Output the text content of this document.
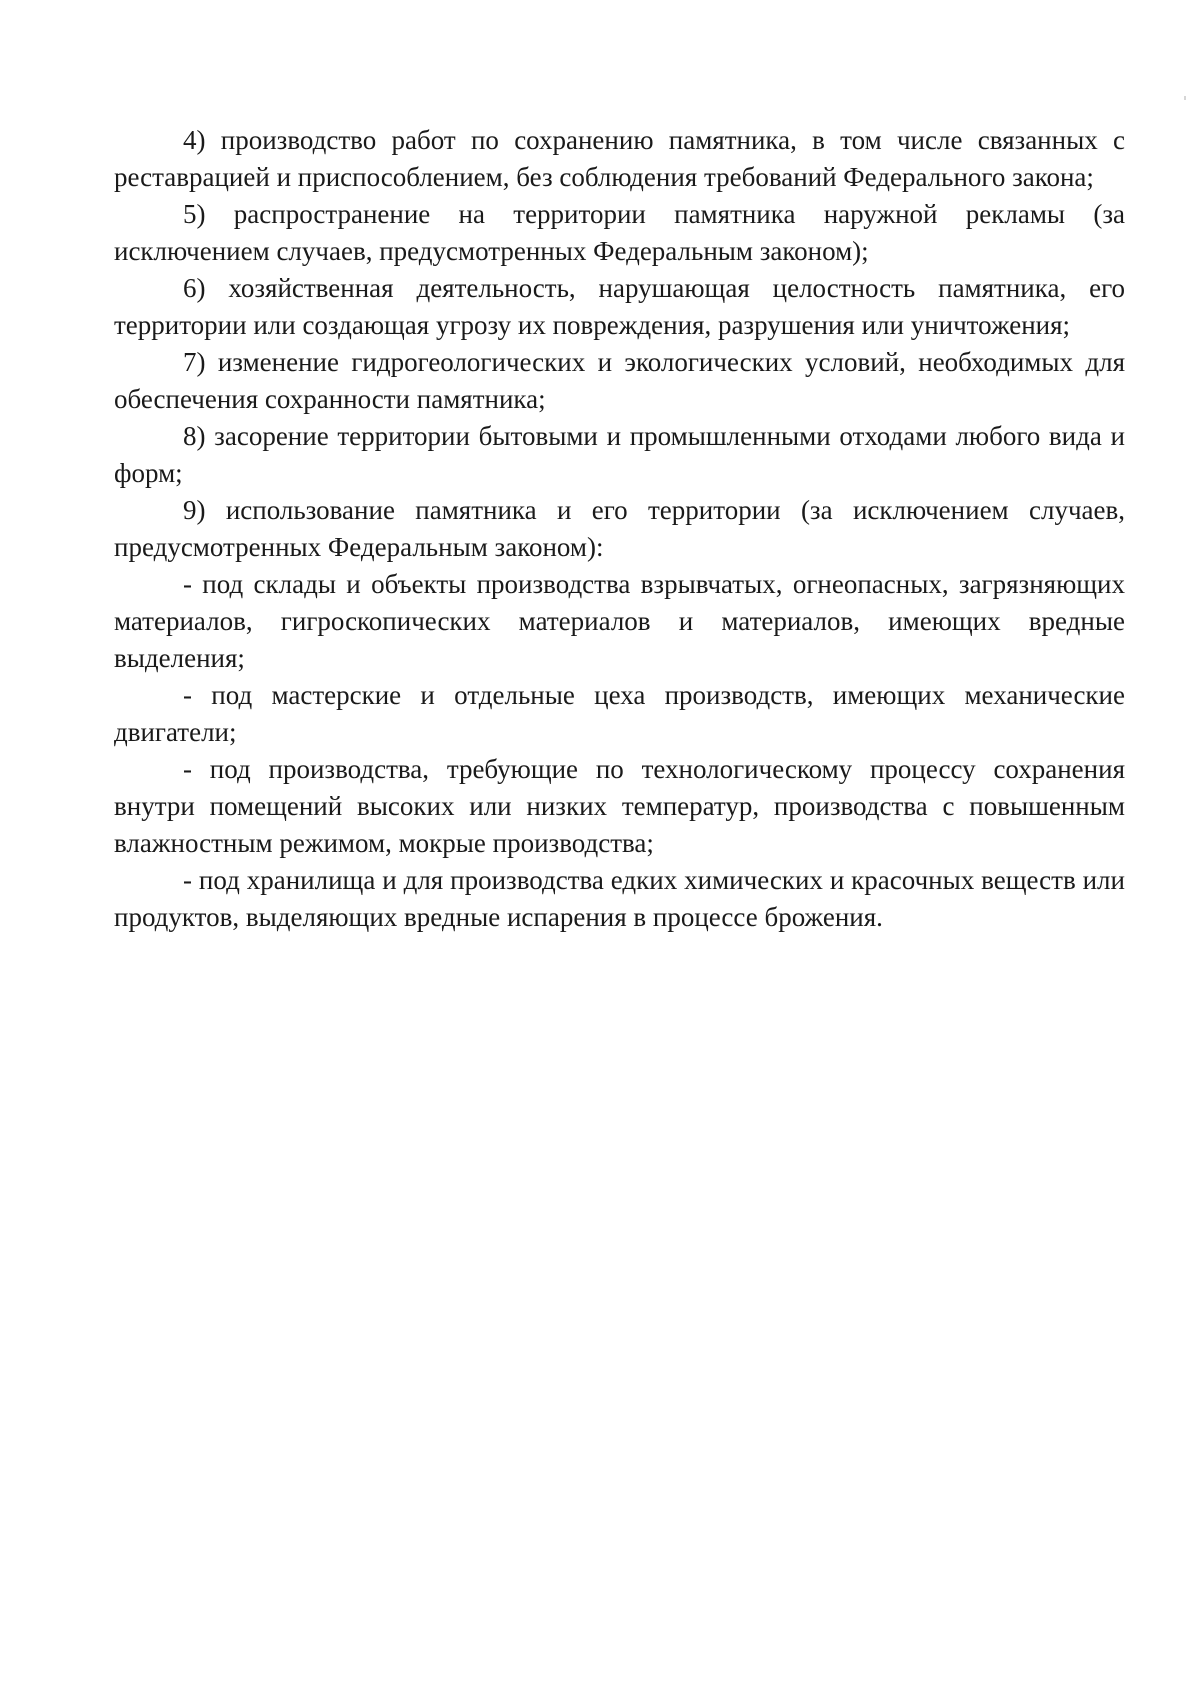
4) производство работ по сохранению памятника, в том числе связанных с реставрацией и приспособлением, без соблюдения требований Федерального закона;

5) распространение на территории памятника наружной рекламы (за исключением случаев, предусмотренных Федеральным законом);

6) хозяйственная деятельность, нарушающая целостность памятника, его территории или создающая угрозу их повреждения, разрушения или уничтожения;

7) изменение гидрогеологических и экологических условий, необходимых для обеспечения сохранности памятника;

8) засорение территории бытовыми и промышленными отходами любого вида и форм;

9) использование памятника и его территории (за исключением случаев, предусмотренных Федеральным законом):

- под склады и объекты производства взрывчатых, огнеопасных, загрязняющих материалов, гигроскопических материалов и материалов, имеющих вредные выделения;

- под мастерские и отдельные цеха производств, имеющих механические двигатели;

- под производства, требующие по технологическому процессу сохранения внутри помещений высоких или низких температур, производства с повышенным влажностным режимом, мокрые производства;

- под хранилища и для производства едких химических и красочных веществ или продуктов, выделяющих вредные испарения в процессе брожения.
